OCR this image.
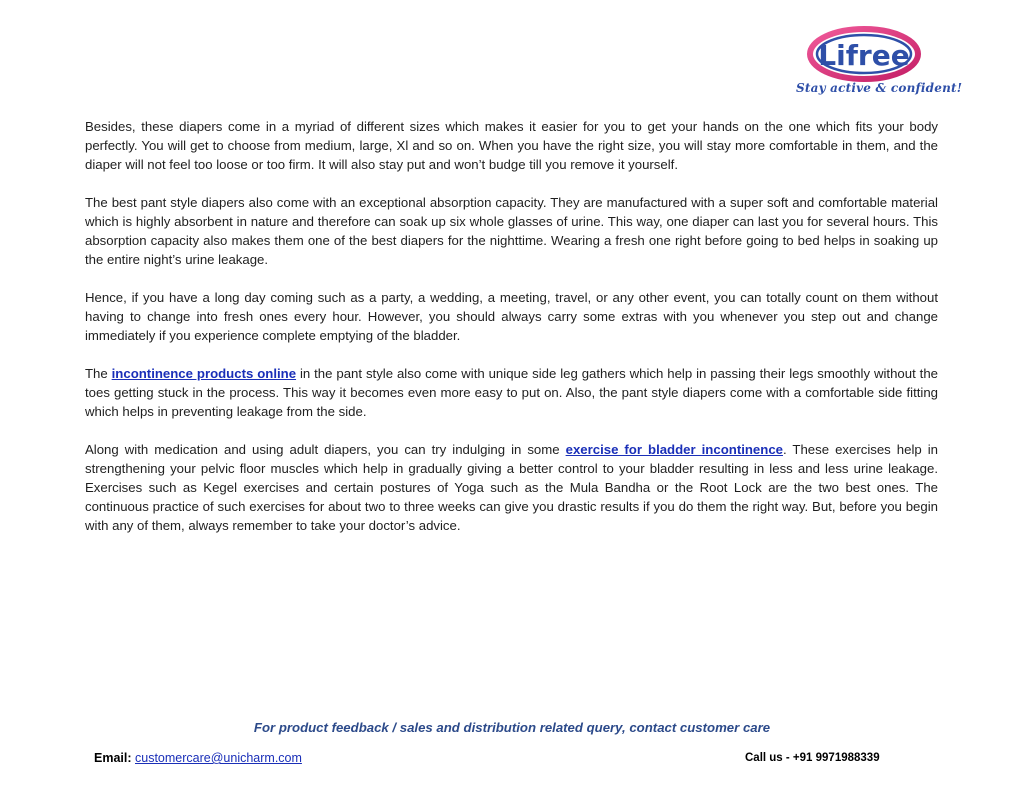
Lifree
Stay active & confident!

Besides, these diapers come in a myriad of different sizes which makes it easier for you to get your hands on the one which fits your body perfectly. You will get to choose from medium, large, Xl and so on. When you have the right size, you will stay more comfortable in them, and the diaper will not feel too loose or too firm. It will also stay put and won’t budge till you remove it yourself.

The best pant style diapers also come with an exceptional absorption capacity. They are manufactured with a super soft and comfortable material which is highly absorbent in nature and therefore can soak up six whole glasses of urine. This way, one diaper can last you for several hours. This absorption capacity also makes them one of the best diapers for the nighttime. Wearing a fresh one right before going to bed helps in soaking up the entire night’s urine leakage.

Hence, if you have a long day coming such as a party, a wedding, a meeting, travel, or any other event, you can totally count on them without having to change into fresh ones every hour. However, you should always carry some extras with you whenever you step out and change immediately if you experience complete emptying of the bladder.

The incontinence products online in the pant style also come with unique side leg gathers which help in passing their legs smoothly without the toes getting stuck in the process. This way it becomes even more easy to put on. Also, the pant style diapers come with a comfortable side fitting which helps in preventing leakage from the side.

Along with medication and using adult diapers, you can try indulging in some exercise for bladder incontinence. These exercises help in strengthening your pelvic floor muscles which help in gradually giving a better control to your bladder resulting in less and less urine leakage. Exercises such as Kegel exercises and certain postures of Yoga such as the Mula Bandha or the Root Lock are the two best ones. The continuous practice of such exercises for about two to three weeks can give you drastic results if you do them the right way. But, before you begin with any of them, always remember to take your doctor’s advice.

For product feedback / sales and distribution related query, contact customer care
Email: customercare@unicharm.com	Call us - +91 9971988339
